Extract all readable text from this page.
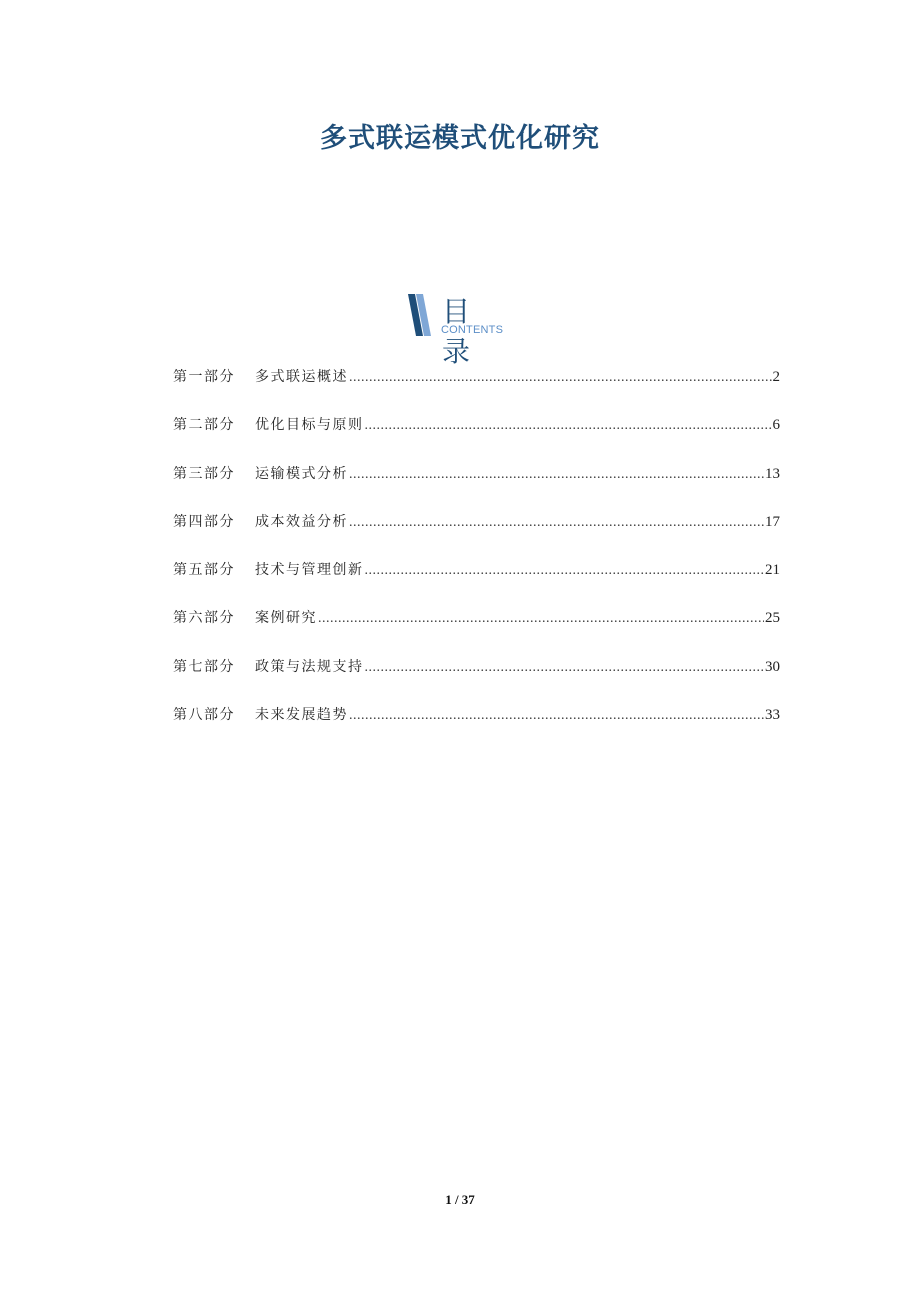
多式联运模式优化研究
目 录
CONTENTS
第一部分	多式联运概述 .....	2
第二部分	优化目标与原则 .....	6
第三部分	运输模式分析 .....	13
第四部分	成本效益分析 .....	17
第五部分	技术与管理创新 .....	21
第六部分	案例研究 .....	25
第七部分	政策与法规支持 .....	30
第八部分	未来发展趋势 .....	33
1 / 37
